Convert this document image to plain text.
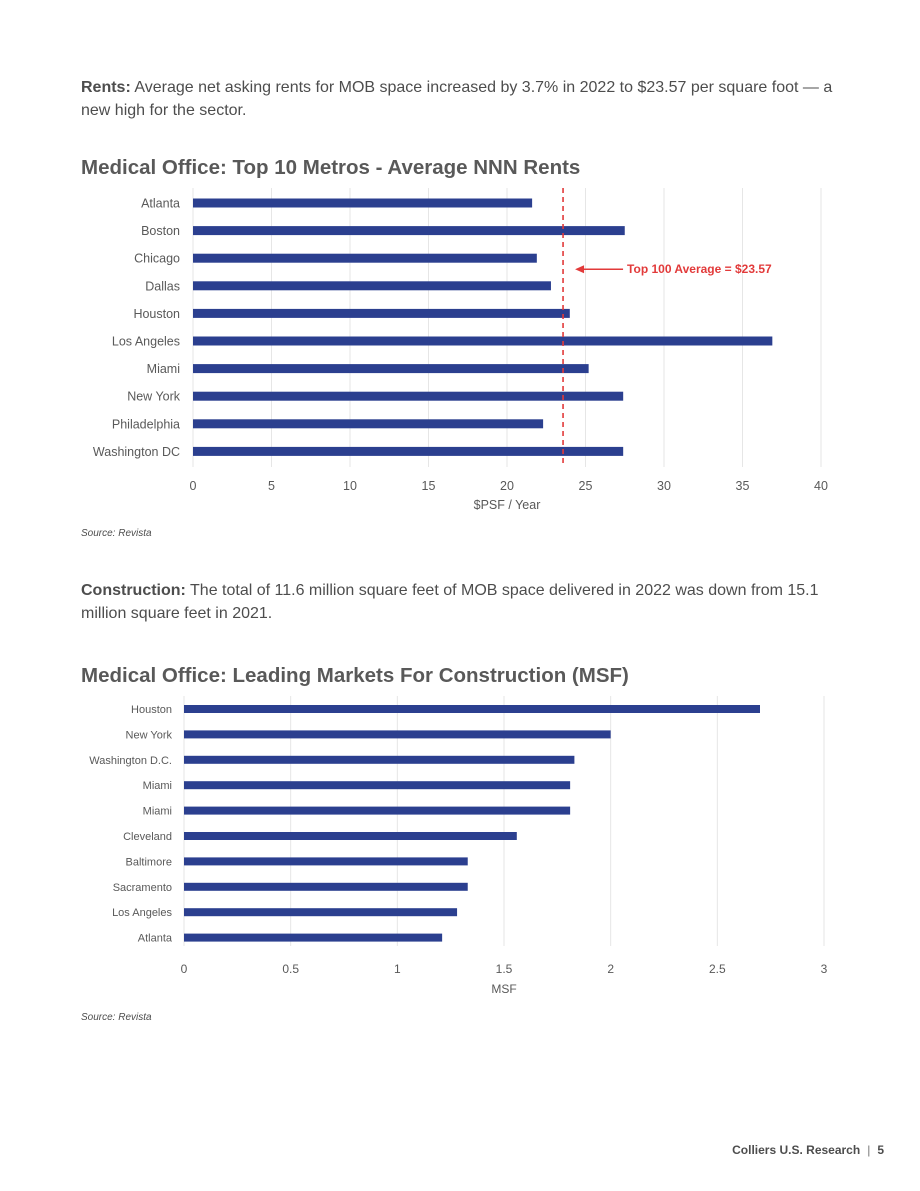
Rents: Average net asking rents for MOB space increased by 3.7% in 2022 to $23.57 per square foot — a new high for the sector.
Medical Office: Top 10 Metros - Average NNN Rents
0	5	10	15	20	25	30	35	40
Atlanta
Boston
Chicago
Dallas
Houston
Los Angeles
Miami
New York
Philadelphia
Washington DC
$PSF / Year
Top 100 Average = $23.57
Source: Revista
Construction: The total of 11.6 million square feet of MOB space delivered in 2022 was down from 15.1 million square feet in 2021.
Medical Office: Leading Markets For Construction (MSF)
0	0.5	1	1.5	2	2.5	3
Houston
New York
Washington D.C.
Miami
Miami
Cleveland
Baltimore
Sacramento
Los Angeles
Atlanta
MSF
Source: Revista
Colliers U.S. Research | 5
